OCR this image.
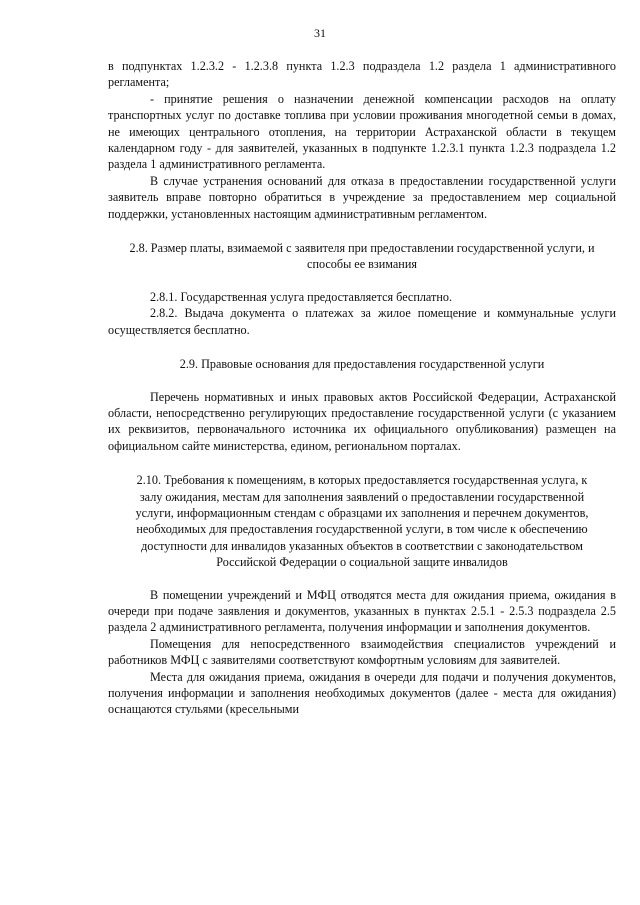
31

в подпунктах 1.2.3.2 - 1.2.3.8 пункта 1.2.3 подраздела 1.2 раздела 1 административного регламента;

- принятие решения о назначении денежной компенсации расходов на оплату транспортных услуг по доставке топлива при условии проживания многодетной семьи в домах, не имеющих центрального отопления, на территории Астраханской области в текущем календарном году - для заявителей, указанных в подпункте 1.2.3.1 пункта 1.2.3 подраздела 1.2 раздела 1 административного регламента.

В случае устранения оснований для отказа в предоставлении государственной услуги заявитель вправе повторно обратиться в учреждение за предоставлением мер социальной поддержки, установленных настоящим административным регламентом.

2.8. Размер платы, взимаемой с заявителя при предоставлении государственной услуги, и способы ее взимания

2.8.1. Государственная услуга предоставляется бесплатно.

2.8.2. Выдача документа о платежах за жилое помещение и коммунальные услуги осуществляется бесплатно.

2.9. Правовые основания для предоставления государственной услуги

Перечень нормативных и иных правовых актов Российской Федерации, Астраханской области, непосредственно регулирующих предоставление государственной услуги (с указанием их реквизитов, первоначального источника их официального опубликования) размещен на официальном сайте министерства, едином, региональном порталах.

2.10. Требования к помещениям, в которых предоставляется государственная услуга, к залу ожидания, местам для заполнения заявлений о предоставлении государственной услуги, информационным стендам с образцами их заполнения и перечнем документов, необходимых для предоставления государственной услуги, в том числе к обеспечению доступности для инвалидов указанных объектов в соответствии с законодательством Российской Федерации о социальной защите инвалидов

В помещении учреждений и МФЦ отводятся места для ожидания приема, ожидания в очереди при подаче заявления и документов, указанных в пунктах 2.5.1 - 2.5.3 подраздела 2.5 раздела 2 административного регламента, получения информации и заполнения документов.

Помещения для непосредственного взаимодействия специалистов учреждений и работников МФЦ с заявителями соответствуют комфортным условиям для заявителей.

Места для ожидания приема, ожидания в очереди для подачи и получения документов, получения информации и заполнения необходимых документов (далее - места для ожидания) оснащаются стульями (кресельными
